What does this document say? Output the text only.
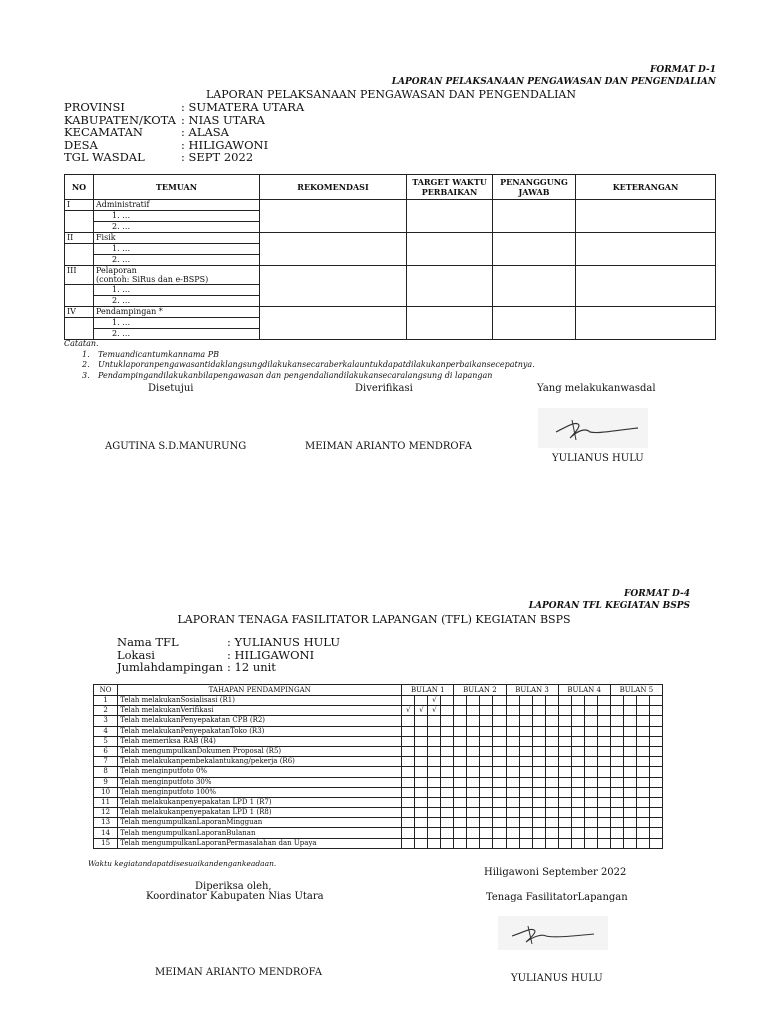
FORMAT D-1
LAPORAN PELAKSANAAN PENGAWASAN DAN PENGENDALIAN
LAPORAN PELAKSANAAN PENGAWASAN DAN PENGENDALIAN
PROVINSI	: SUMATERA UTARA
KABUPATEN/KOTA : NIAS UTARA
KECAMATAN	: ALASA
DESA	: HILIGAWONI
TGL WASDAL	: SEPT 2022
NO	TEMUAN	REKOMENDASI	TARGET WAKTU PERBAIKAN	PENANGGUNG JAWAB	KETERANGAN
I	Administratif				
	1. …				
	2. …				
II	Fisik				
	1. …				
	2. …				
III	Pelaporan
(contoh: SiRus dan e-BSPS)				

	1. …				
	2. …				
IV	Pendampingan *				
	1. …				
	2. …				
Catatan.
1. Temuandicantumkannama PB
2. Untuklaporanpengawasantidaklangsungdilakukansecaraberkalauntukdapatdilakukanperbaikansecepatnya.
3. Pendampingandilakukanbilapengawasan dan pengendaliandilakukansecaralangsung di lapangan
Disetujui	Diverifikasi	Yang melakukanwasdal
AGUTINA S.D.MANURUNG	MEIMAN ARIANTO MENDROFA
YULIANUS HULU
FORMAT D-4
LAPORAN TFL KEGIATAN BSPS
LAPORAN TENAGA FASILITATOR LAPANGAN (TFL) KEGIATAN BSPS
Nama TFL	: YULIANUS HULU
Lokasi	: HILIGAWONI
Jumlahdampingan : 12 unit
NO	TAHAPAN PENDAMPINGAN	BULAN 1				BULAN 2				BULAN 3				BULAN 4				BULAN 5			
1	Telah melakukanSosialisasi (R1)			√																	
2	Telah melakukanVerifikasi	√	√	√																	
3	Telah melakukanPenyepakatan CPB (R2)																				
4	Telah melakukanPenyepakatanToko (R3)																				
5	Telah memeriksa RAB (R4)																				
6	Telah mengumpulkanDokumen Proposal (R5)																				
7	Telah melakukanpembekalantukang/pekerja (R6)																				
8	Telah menginputfoto 0%																				
9	Telah menginputfoto 30%																				
10	Telah menginputfoto 100%																				
11	Telah melakukanpenyepakatan LPD 1 (R7)																				
12	Telah melakukanpenyepakatan LPD 1 (R8)																				
13	Telah mengumpulkanLaporanMingguan																				
14	Telah mengumpulkanLaporanBulanan																				
15	Telah mengumpulkanLaporanPermasalahan dan Upaya																				
Waktu kegiatandapatdisesuaikandengankeadaan.
Hiligawoni September 2022
Diperiksa oleh,
Koordinator Kabupaten Nias Utara	Tenaga FasilitatorLapangan
MEIMAN ARIANTO MENDROFA
YULIANUS HULU
